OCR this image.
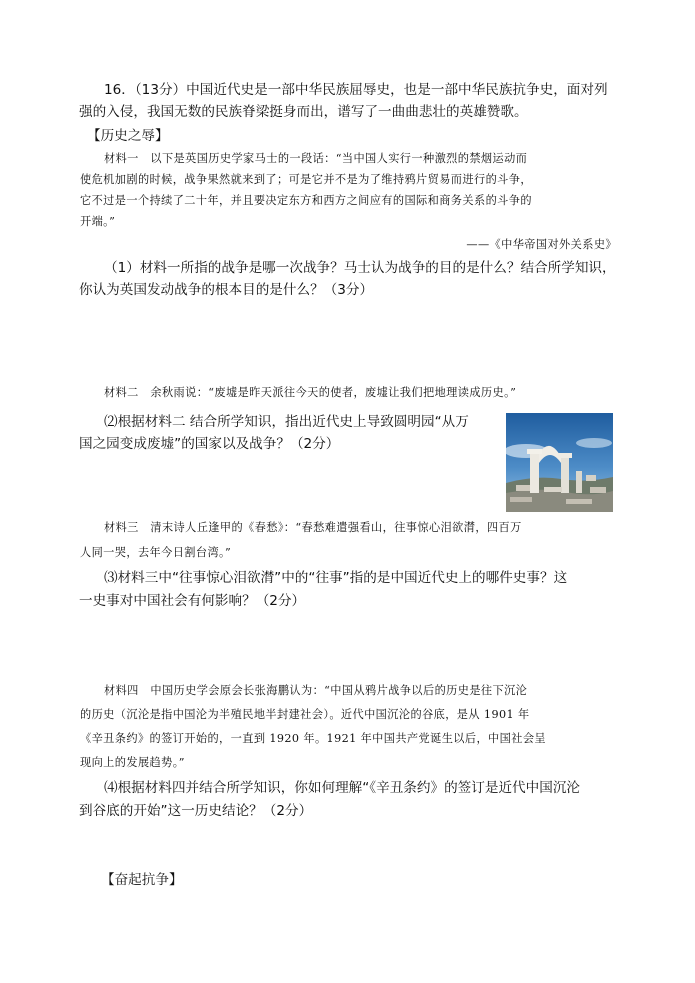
16．（13分）中国近代史是一部中华民族屈辱史，也是一部中华民族抗争史，面对列
强的入侵，我国无数的民族脊梁挺身而出，谱写了一曲曲悲壮的英雄赞歌。
【历史之辱】
材料一　以下是英国历史学家马士的一段话：“当中国人实行一种激烈的禁烟运动而
使危机加剧的时候，战争果然就来到了；可是它并不是为了维持鸦片贸易而进行的斗争，
它不过是一个持续了二十年，并且要决定东方和西方之间应有的国际和商务关系的斗争的
开端。”
——《中华帝国对外关系史》
（1）材料一所指的战争是哪一次战争？马士认为战争的目的是什么？结合所学知识，
你认为英国发动战争的根本目的是什么？（3分）
材料二　余秋雨说：“废墟是昨天派往今天的使者，废墟让我们把地理读成历史。”
⑵根据材料二 结合所学知识，指出近代史上导致圆明园“从万
国之园变成废墟”的国家以及战争？（2分）
材料三　清末诗人丘逢甲的《春愁》：“春愁难遣强看山，往事惊心泪欲潸，四百万
人同一哭，去年今日割台湾。”
⑶材料三中“往事惊心泪欲潸”中的“往事”指的是中国近代史上的哪件史事？这
一史事对中国社会有何影响？（2分）
材料四　中国历史学会原会长张海鹏认为：“中国从鸦片战争以后的历史是往下沉沦
的历史（沉沦是指中国沦为半殖民地半封建社会）。近代中国沉沦的谷底，是从 1901 年
《辛丑条约》的签订开始的，一直到 1920 年。1921 年中国共产党诞生以后，中国社会呈
现向上的发展趋势。”
⑷根据材料四并结合所学知识，你如何理解“《辛丑条约》的签订是近代中国沉沦
到谷底的开始”这一历史结论？（2分）
【奋起抗争】
